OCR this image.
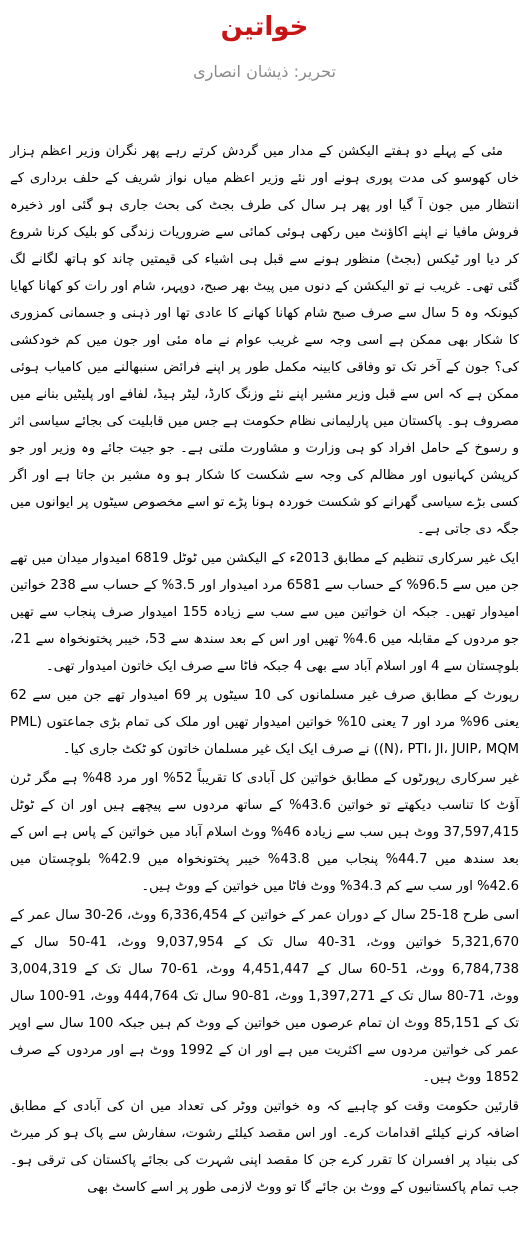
خواتین
تحریر: ذیشان انصاری

مئی کے پہلے دو ہفتے الیکشن کے مدار میں گردش کرتے رہے پھر نگران وزیر اعظم ہزار خاں کھوسو کی مدت پوری ہونے اور نئے وزیر اعظم میاں نواز شریف کے حلف برداری کے انتظار میں جون آ گیا اور پھر ہر سال کی طرف بجٹ کی بحث جاری ہو گئی اور ذخیرہ فروش مافیا نے اپنے اکاؤنٹ میں رکھی ہوئی کمائی سے ضروریات زندگی کو بلیک کرنا شروع کر دیا اور ٹیکس (بجٹ) منظور ہونے سے قبل ہی اشیاء کی قیمتیں چاند کو ہاتھ لگانے لگ گئی تھی۔ غریب نے تو الیکشن کے دنوں میں پیٹ بھر صبح، دوپہر، شام اور رات کو کھانا کھایا کیونکہ وہ 5 سال سے صرف صبح شام کھانا کھانے کا عادی تھا اور ذہنی و جسمانی کمزوری کا شکار بھی ممکن ہے اسی وجہ سے غریب عوام نے ماہ مئی اور جون میں کم خودکشی کی؟ جون کے آخر تک تو وفاقی کابینہ مکمل طور پر اپنے فرائض سنبھالنے میں کامیاب ہوئی ممکن ہے کہ اس سے قبل وزیر مشیر اپنے نئے وزنگ کارڈ، لیٹر ہیڈ، لفافے اور پلیٹیں بنانے میں مصروف ہو۔ پاکستان میں پارلیمانی نظام حکومت ہے جس میں قابلیت کی بجائے سیاسی اثر و رسوخ کے حامل افراد کو ہی وزارت و مشاورت ملتی ہے۔ جو جیت جائے وہ وزیر اور جو کرپشن کہانیوں اور مظالم کی وجہ سے شکست کا شکار ہو وہ مشیر بن جاتا ہے اور اگر کسی بڑے سیاسی گھرانے کو شکست خوردہ ہونا پڑے تو اسے مخصوص سیٹوں پر ایوانوں میں جگہ دی جاتی ہے۔

ایک غیر سرکاری تنظیم کے مطابق 2013ء کے الیکشن میں ٹوٹل 6819 امیدوار میدان میں تھے جن میں سے 96.5% کے حساب سے 6581 مرد امیدوار اور 3.5% کے حساب سے 238 خواتین امیدوار تھیں۔ جبکہ ان خواتین میں سے سب سے زیادہ 155 امیدوار صرف پنجاب سے تھیں جو مردوں کے مقابلہ میں 4.6% تھیں اور اس کے بعد سندھ سے 53، خیبر پختونخواہ سے 21، بلوچستان سے 4 اور اسلام آباد سے بھی 4 جبکہ فاٹا سے صرف ایک خاتون امیدوار تھی۔

رپورٹ کے مطابق صرف غیر مسلمانوں کی 10 سیٹوں پر 69 امیدوار تھے جن میں سے 62 یعنی 96% مرد اور 7 یعنی 10% خواتین امیدوار تھیں اور ملک کی تمام بڑی جماعتوں (PML (N)، PTI، JI، JUIP، MQM) نے صرف ایک ایک غیر مسلمان خاتون کو ٹکٹ جاری کیا۔

غیر سرکاری رپورٹوں کے مطابق خواتین کل آبادی کا تقریباً 52% اور مرد 48% ہے مگر ٹرن آؤٹ کا تناسب دیکھتے تو خواتین 43.6% کے ساتھ مردوں سے پیچھے ہیں اور ان کے ٹوٹل 37,597,415 ووٹ ہیں سب سے زیادہ 46% ووٹ اسلام آباد میں خواتین کے پاس ہے اس کے بعد سندھ میں 44.7% پنجاب میں 43.8% خیبر پختونخواہ میں 42.9% بلوچستان میں 42.6% اور سب سے کم 34.3% ووٹ فاٹا میں خواتین کے ووٹ ہیں۔

اسی طرح 18-25 سال کے دوران عمر کے خواتین کے 6,336,454 ووٹ، 26-30 سال عمر کے 5,321,670 خواتین ووٹ، 31-40 سال تک کے 9,037,954 ووٹ، 41-50 سال کے 6,784,738 ووٹ، 51-60 سال کے 4,451,447 ووٹ، 61-70 سال تک کے 3,004,319 ووٹ، 71-80 سال تک کے 1,397,271 ووٹ، 81-90 سال تک 444,764 ووٹ، 91-100 سال تک کے 85,151 ووٹ ان تمام عرصوں میں خواتین کے ووٹ کم ہیں جبکہ 100 سال سے اوپر عمر کی خواتین مردوں سے اکثریت میں ہے اور ان کے 1992 ووٹ ہے اور مردوں کے صرف 1852 ووٹ ہیں۔

قارئین حکومت وقت کو چاہیے کہ وہ خواتین ووٹر کی تعداد میں ان کی آبادی کے مطابق اضافہ کرنے کیلئے اقدامات کرے۔ اور اس مقصد کیلئے رشوت، سفارش سے پاک ہو کر میرٹ کی بنیاد پر افسران کا تقرر کرے جن کا مقصد اپنی شہرت کی بجائے پاکستان کی ترقی ہو۔ جب تمام پاکستانیوں کے ووٹ بن جائے گا تو ووٹ لازمی طور پر اسے کاسٹ بھی
